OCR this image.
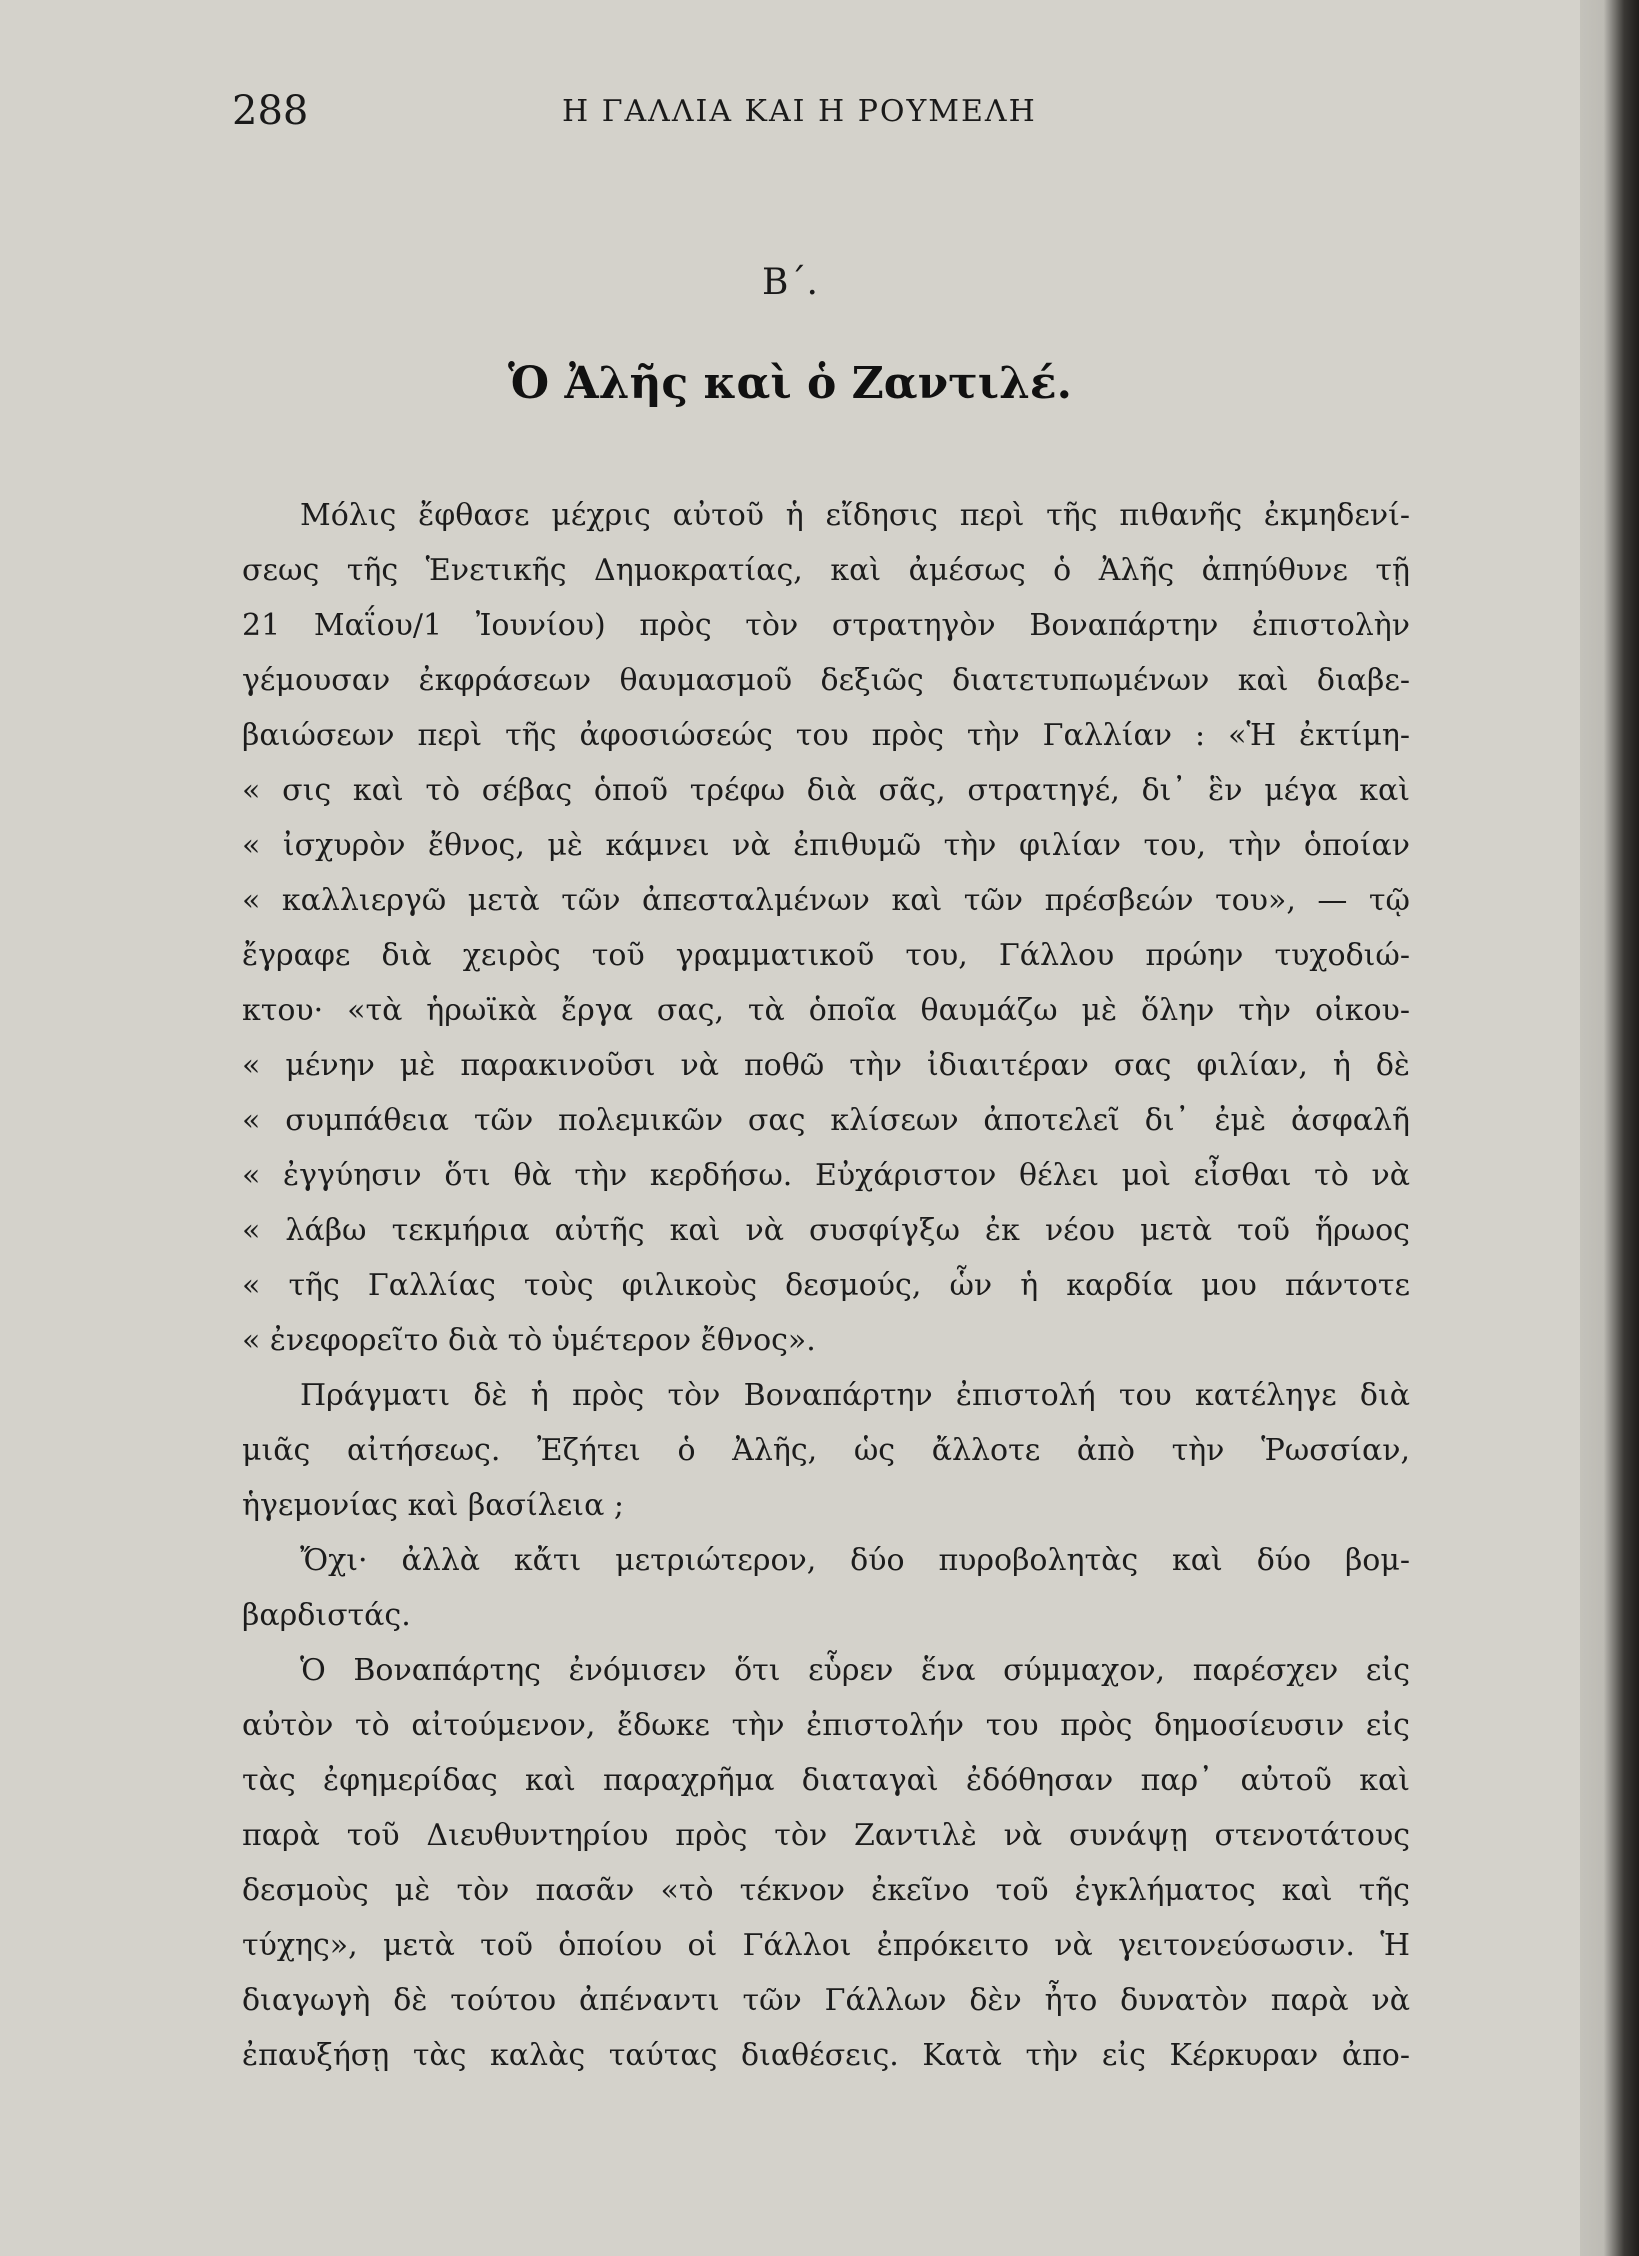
288	Η ΓΑΛΛΙΑ ΚΑΙ Η ΡΟΥΜΕΛΗ
Β΄.
Ὁ Ἀλῆς καὶ ὁ Ζαντιλέ.
Μόλις ἔφθασε μέχρις αὐτοῦ ἡ εἴδησις περὶ τῆς πιθανῆς ἐκμηδενί-
σεως τῆς Ἑνετικῆς Δημοκρατίας, καὶ ἀμέσως ὁ Ἀλῆς ἀπηύθυνε τῇ
21 Μαΐου/1 Ἰουνίου) πρὸς τὸν στρατηγὸν Βοναπάρτην ἐπιστολὴν
γέμουσαν ἐκφράσεων θαυμασμοῦ δεξιῶς διατετυπωμένων καὶ διαβε-
βαιώσεων περὶ τῆς ἀφοσιώσεώς του πρὸς τὴν Γαλλίαν : «Ἡ ἐκτίμη-
« σις καὶ τὸ σέβας ὁποῦ τρέφω διὰ σᾶς, στρατηγέ, δι᾽ ἓν μέγα καὶ
« ἰσχυρὸν ἔθνος, μὲ κάμνει νὰ ἐπιθυμῶ τὴν φιλίαν του, τὴν ὁποίαν
« καλλιεργῶ μετὰ τῶν ἀπεσταλμένων καὶ τῶν πρέσβεών του», — τῷ
ἔγραφε διὰ χειρὸς τοῦ γραμματικοῦ του, Γάλλου πρώην τυχοδιώ-
κτου· «τὰ ἡρωϊκὰ ἔργα σας, τὰ ὁποῖα θαυμάζω μὲ ὅλην τὴν οἰκου-
« μένην μὲ παρακινοῦσι νὰ ποθῶ τὴν ἰδιαιτέραν σας φιλίαν, ἡ δὲ
« συμπάθεια τῶν πολεμικῶν σας κλίσεων ἀποτελεῖ δι᾽ ἐμὲ ἀσφαλῆ
« ἐγγύησιν ὅτι θὰ τὴν κερδήσω. Εὐχάριστον θέλει μοὶ εἶσθαι τὸ νὰ
« λάβω τεκμήρια αὐτῆς καὶ νὰ συσφίγξω ἐκ νέου μετὰ τοῦ ἥρωος
« τῆς Γαλλίας τοὺς φιλικοὺς δεσμούς, ὧν ἡ καρδία μου πάντοτε
« ἐνεφορεῖτο διὰ τὸ ὑμέτερον ἔθνος».
Πράγματι δὲ ἡ πρὸς τὸν Βοναπάρτην ἐπιστολή του κατέληγε διὰ
μιᾶς αἰτήσεως. Ἐζήτει ὁ Ἀλῆς, ὡς ἄλλοτε ἀπὸ τὴν Ῥωσσίαν,
ἡγεμονίας καὶ βασίλεια ;
Ὄχι· ἀλλὰ κἄτι μετριώτερον, δύο πυροβολητὰς καὶ δύο βομ-
βαρδιστάς.
Ὁ Βοναπάρτης ἐνόμισεν ὅτι εὗρεν ἕνα σύμμαχον, παρέσχεν εἰς
αὐτὸν τὸ αἰτούμενον, ἔδωκε τὴν ἐπιστολήν του πρὸς δημοσίευσιν εἰς
τὰς ἐφημερίδας καὶ παραχρῆμα διαταγαὶ ἐδόθησαν παρ᾽ αὐτοῦ καὶ
παρὰ τοῦ Διευθυντηρίου πρὸς τὸν Ζαντιλὲ νὰ συνάψῃ στενοτάτους
δεσμοὺς μὲ τὸν πασᾶν «τὸ τέκνον ἐκεῖνο τοῦ ἐγκλήματος καὶ τῆς
τύχης», μετὰ τοῦ ὁποίου οἱ Γάλλοι ἐπρόκειτο νὰ γειτονεύσωσιν. Ἡ
διαγωγὴ δὲ τούτου ἀπέναντι τῶν Γάλλων δὲν ἦτο δυνατὸν παρὰ νὰ
ἐπαυξήσῃ τὰς καλὰς ταύτας διαθέσεις. Κατὰ τὴν εἰς Κέρκυραν ἀπο-
